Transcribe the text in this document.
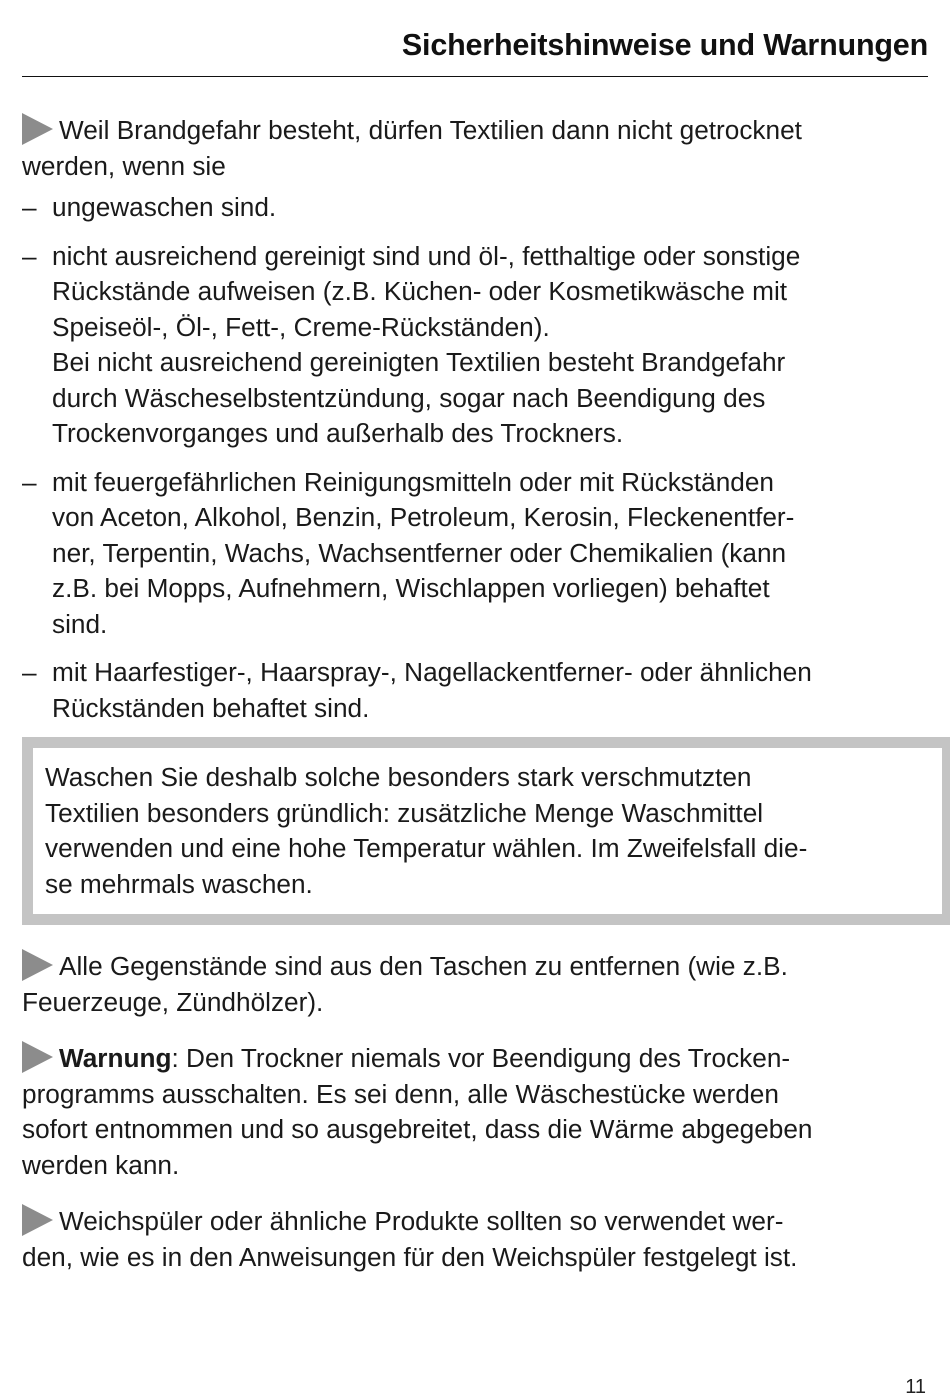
Sicherheitshinweise und Warnungen

Weil Brandgefahr besteht, dürfen Textilien dann nicht getrocknet
werden, wenn sie

– ungewaschen sind.
– nicht ausreichend gereinigt sind und öl-, fetthaltige oder sonstige
Rückstände aufweisen (z.B. Küchen- oder Kosmetikwäsche mit
Speiseöl-, Öl-, Fett-, Creme-Rückständen).
Bei nicht ausreichend gereinigten Textilien besteht Brandgefahr
durch Wäscheselbstentzündung, sogar nach Beendigung des
Trockenvorganges und außerhalb des Trockners.
– mit feuergefährlichen Reinigungsmitteln oder mit Rückständen
von Aceton, Alkohol, Benzin, Petroleum, Kerosin, Fleckenentfer-
ner, Terpentin, Wachs, Wachsentferner oder Chemikalien (kann
z.B. bei Mopps, Aufnehmern, Wischlappen vorliegen) behaftet
sind.
– mit Haarfestiger-, Haarspray-, Nagellackentferner- oder ähnlichen
Rückständen behaftet sind.
Waschen Sie deshalb solche besonders stark verschmutzten
Textilien besonders gründlich: zusätzliche Menge Waschmittel
verwenden und eine hohe Temperatur wählen. Im Zweifelsfall die-
se mehrmals waschen.

Alle Gegenstände sind aus den Taschen zu entfernen (wie z.B.
Feuerzeuge, Zündhölzer).

Warnung: Den Trockner niemals vor Beendigung des Trocken-
programms ausschalten. Es sei denn, alle Wäschestücke werden
sofort entnommen und so ausgebreitet, dass die Wärme abgegeben
werden kann.

Weichspüler oder ähnliche Produkte sollten so verwendet wer-
den, wie es in den Anweisungen für den Weichspüler festgelegt ist.

11
